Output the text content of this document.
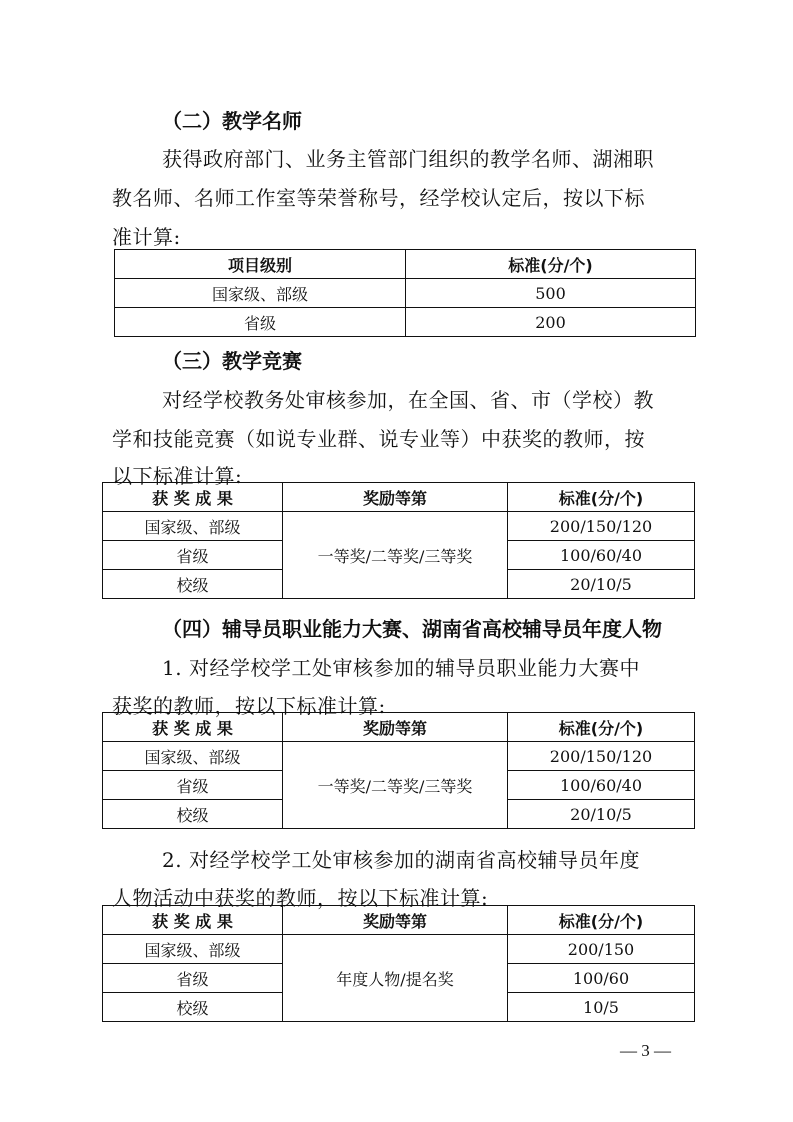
（二）教学名师
获得政府部门、业务主管部门组织的教学名师、湖湘职
教名师、名师工作室等荣誉称号，经学校认定后，按以下标
准计算:
项目级别	标准(分/个)
国家级、部级	500
省级	200
（三）教学竞赛
对经学校教务处审核参加，在全国、省、市（学校）教
学和技能竞赛（如说专业群、说专业等）中获奖的教师，按
以下标准计算:
获 奖 成 果	奖励等第	标准(分/个)
国家级、部级	一等奖/二等奖/三等奖	200/150/120
省级		100/60/40
校级		20/10/5
（四）辅导员职业能力大赛、湖南省高校辅导员年度人物
1. 对经学校学工处审核参加的辅导员职业能力大赛中
获奖的教师，按以下标准计算:
获 奖 成 果	奖励等第	标准(分/个)
国家级、部级	一等奖/二等奖/三等奖	200/150/120
省级		100/60/40
校级		20/10/5
2. 对经学校学工处审核参加的湖南省高校辅导员年度
人物活动中获奖的教师，按以下标准计算:
获 奖 成 果	奖励等第	标准(分/个)
国家级、部级	年度人物/提名奖	200/150
省级		100/60
校级		10/5
— 3 —
